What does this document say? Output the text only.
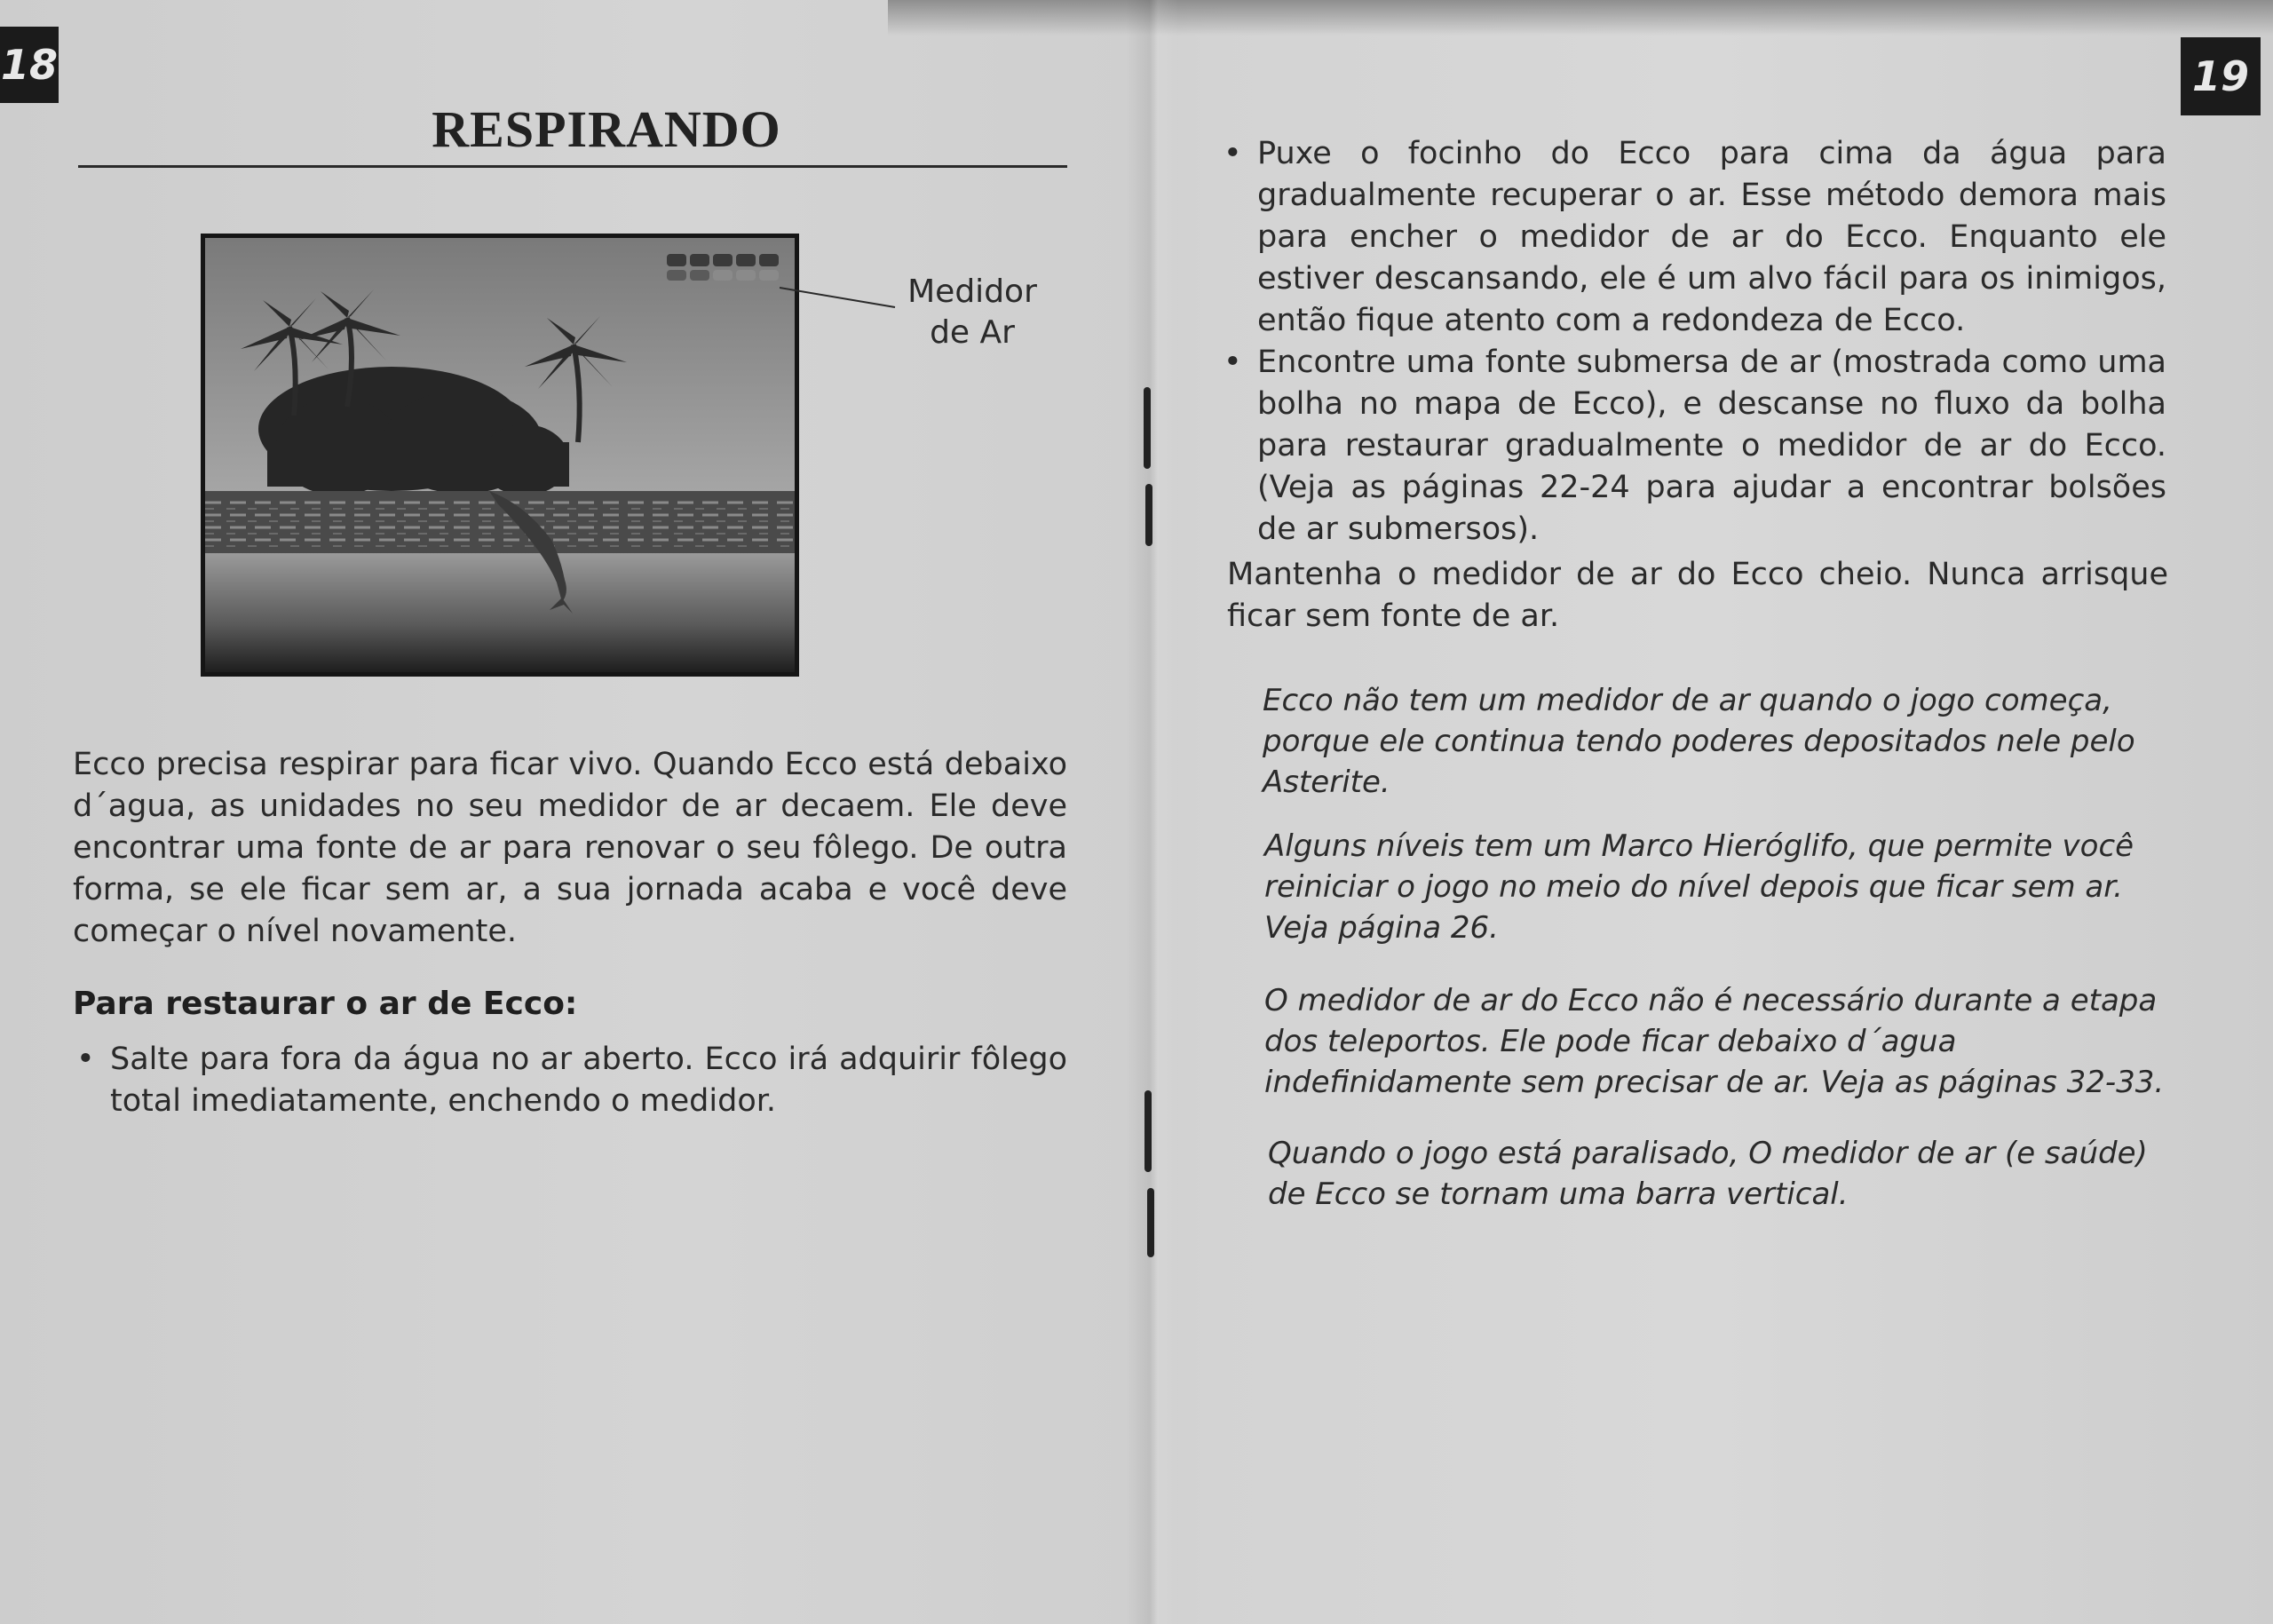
18
RESPIRANDO
Medidor de Ar
Ecco precisa respirar para ficar vivo. Quando Ecco está debaixo d´agua, as unidades no seu medidor de ar decaem. Ele deve encontrar uma fonte de ar para renovar o seu fôlego. De outra forma, se ele ficar sem ar, a sua jornada acaba e você deve começar o nível novamente.
Para restaurar o ar de Ecco:
• Salte para fora da água no ar aberto. Ecco irá adquirir fôlego total imediatamente, enchendo o medidor.
19
• Puxe o focinho do Ecco para cima da água para gradualmente recuperar o ar. Esse método demora mais para encher o medidor de ar do Ecco. Enquanto ele estiver descansando, ele é um alvo fácil para os inimigos, então fique atento com a redondeza de Ecco.
• Encontre uma fonte submersa de ar (mostrada como uma bolha no mapa de Ecco), e descanse no fluxo da bolha para restaurar gradualmente o medidor de ar do Ecco. (Veja as páginas 22-24 para ajudar a encontrar bolsões de ar submersos).
Mantenha o medidor de ar do Ecco cheio. Nunca arrisque ficar sem fonte de ar.
Ecco não tem um medidor de ar quando o jogo começa, porque ele continua tendo poderes depositados nele pelo Asterite.
Alguns níveis tem um Marco Hieróglifo, que permite você reiniciar o jogo no meio do nível depois que ficar sem ar. Veja página 26.
O medidor de ar do Ecco não é necessário durante a etapa dos teleportos. Ele pode ficar debaixo d´agua indefinidamente sem precisar de ar. Veja as páginas 32-33.
Quando o jogo está paralisado, O medidor de ar (e saúde) de Ecco se tornam uma barra vertical.
